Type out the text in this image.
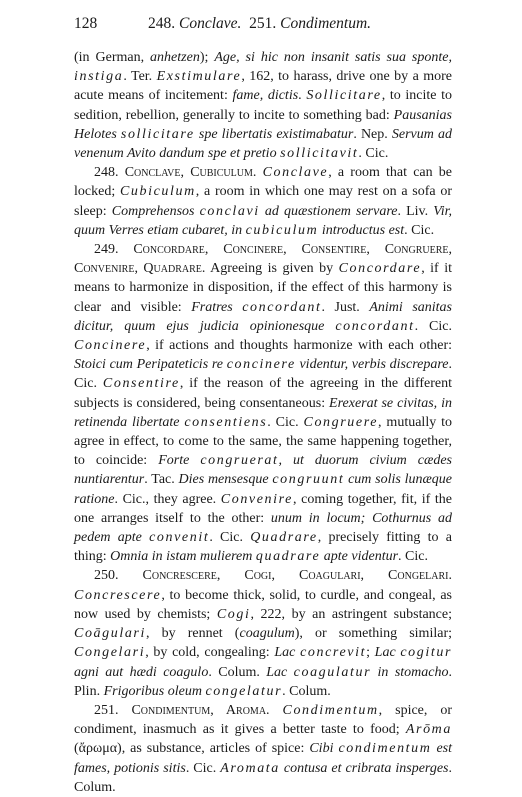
128	248. Conclave. 251. Condimentum.

(in German, anhetzen); Age, si hic non insanit satis sua sponte, instiga. Ter. Exstimulare, 162, to harass, drive one by a more acute means of incitement: fame, dictis. Sollicitare, to incite to sedition, rebellion, generally to incite to something bad: Pausanias Helotes sollicitare spe libertatis existimabatur. Nep. Servum ad venenum Avito dandum spe et pretio sollicitavit. Cic.

248. Conclave, Cubiculum. Conclave, a room that can be locked; Cubiculum, a room in which one may rest on a sofa or sleep: Comprehensos conclavi ad quæstionem servare. Liv. Vir, quum Verres etiam cubaret, in cubiculum introductus est. Cic.

249. Concordare, Concinere, Consentire, Congruere, Convenire, Quadrare. Agreeing is given by Concordare, if it means to harmonize in disposition, if the effect of this harmony is clear and visible: Fratres concordant. Just. Animi sanitas dicitur, quum ejus judicia opinionesque concordant. Cic. Concinere, if actions and thoughts harmonize with each other: Stoici cum Peripateticis re concinere videntur, verbis discrepare. Cic. Consentire, if the reason of the agreeing in the different subjects is considered, being consentaneous: Erexerat se civitas, in retinenda libertate consentiens. Cic. Congruere, mutually to agree in effect, to come to the same, the same happening together, to coincide: Forte congruerat, ut duorum civium cædes nuntiarentur. Tac. Dies mensesque congruunt cum solis lunæque ratione. Cic., they agree. Convenire, coming together, fit, if the one arranges itself to the other: unum in locum; Cothurnus ad pedem apte convenit. Cic. Quadrare, precisely fitting to a thing: Omnia in istam mulierem quadrare apte videntur. Cic.

250. Concrescere, Cogi, Coagulari, Congelari. Concrescere, to become thick, solid, to curdle, and congeal, as now used by chemists; Cogi, 222, by an astringent substance; Coāgulari, by rennet (coagulum), or something similar; Congelari, by cold, congealing: Lac concrevit; Lac cogitur agni aut hædi coagulo. Colum. Lac coagulatur in stomacho. Plin. Frigoribus oleum congelatur. Colum.

251. Condimentum, Aroma. Condimentum, spice, or condiment, inasmuch as it gives a better taste to food; Arōma (ἄρωμα), as substance, articles of spice: Cibi condimentum est fames, potionis sitis. Cic. Aromata contusa et cribrata insperges. Colum.
